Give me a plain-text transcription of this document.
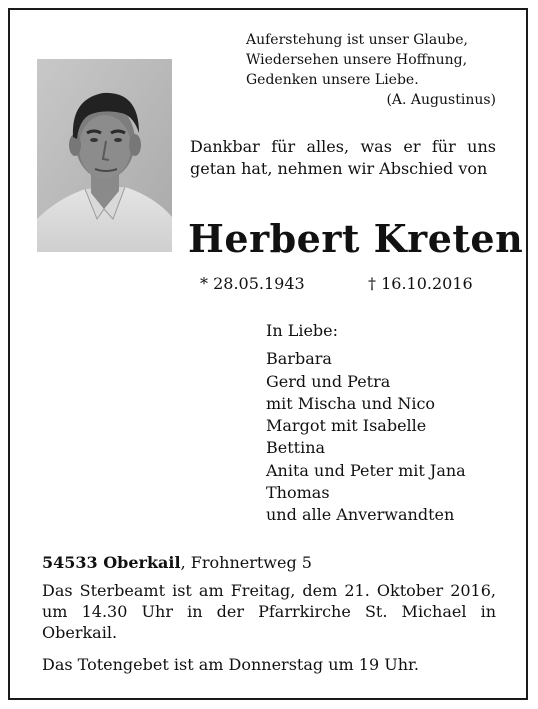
Auferstehung ist unser Glaube,
Wiedersehen unsere Hoffnung,
Gedenken unsere Liebe.
(A. Augustinus)
Dankbar für alles, was er für uns getan hat, nehmen wir Abschied von
Herbert Kreten
* 28.05.1943	† 16.10.2016
In Liebe:
Barbara
Gerd und Petra
mit Mischa und Nico
Margot mit Isabelle
Bettina
Anita und Peter mit Jana
Thomas
und alle Anverwandten
54533 Oberkail, Frohnertweg 5
Das Sterbeamt ist am Freitag, dem 21. Oktober 2016, um 14.30 Uhr in der Pfarrkirche St. Michael in Oberkail.
Das Totengebet ist am Donnerstag um 19 Uhr.
